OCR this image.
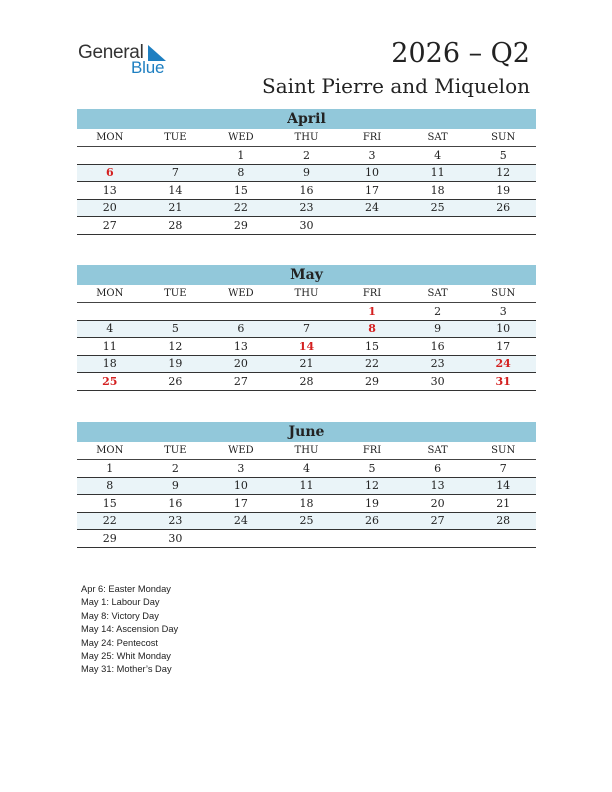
General
Blue	2026 – Q2
Saint Pierre and Miquelon
April
MON	TUE	WED	THU	FRI	SAT	SUN
		1	2	3	4	5
6	7	8	9	10	11	12
13	14	15	16	17	18	19
20	21	22	23	24	25	26
27	28	29	30			
May
MON	TUE	WED	THU	FRI	SAT	SUN
				1	2	3
4	5	6	7	8	9	10
11	12	13	14	15	16	17
18	19	20	21	22	23	24
25	26	27	28	29	30	31
June
MON	TUE	WED	THU	FRI	SAT	SUN
1	2	3	4	5	6	7
8	9	10	11	12	13	14
15	16	17	18	19	20	21
22	23	24	25	26	27	28
29	30					
Apr 6: Easter Monday
May 1: Labour Day
May 8: Victory Day
May 14: Ascension Day
May 24: Pentecost
May 25: Whit Monday
May 31: Mother’s Day
